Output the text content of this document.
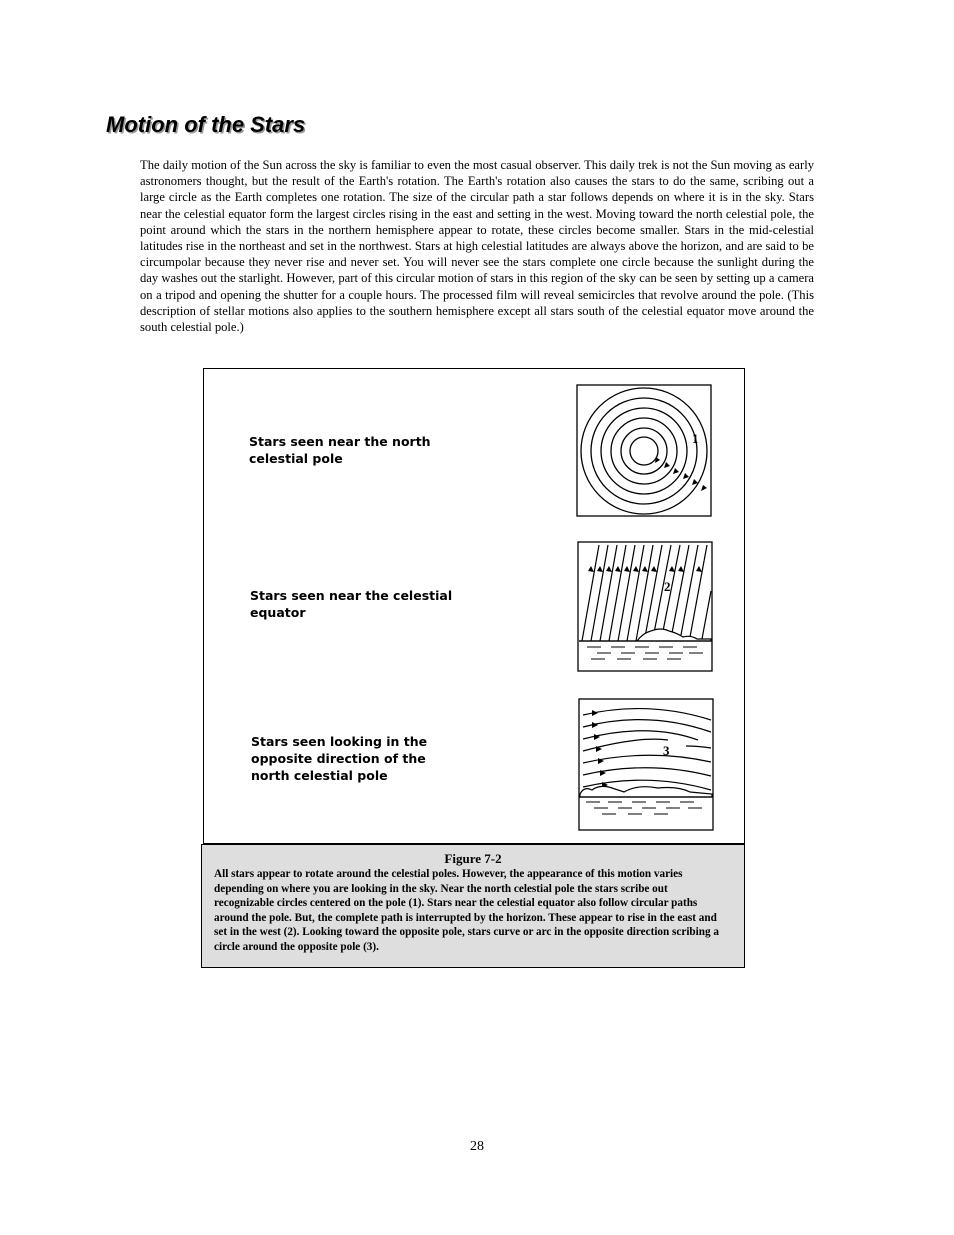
Motion of the Stars

The daily motion of the Sun across the sky is familiar to even the most casual observer. This daily trek is not the Sun moving as early astronomers thought, but the result of the Earth's rotation. The Earth's rotation also causes the stars to do the same, scribing out a large circle as the Earth completes one rotation. The size of the circular path a star follows depends on where it is in the sky. Stars near the celestial equator form the largest circles rising in the east and setting in the west. Moving toward the north celestial pole, the point around which the stars in the northern hemisphere appear to rotate, these circles become smaller. Stars in the mid-celestial latitudes rise in the northeast and set in the northwest. Stars at high celestial latitudes are always above the horizon, and are said to be circumpolar because they never rise and never set. You will never see the stars complete one circle because the sunlight during the day washes out the starlight. However, part of this circular motion of stars in this region of the sky can be seen by setting up a camera on a tripod and opening the shutter for a couple hours. The processed film will reveal semicircles that revolve around the pole. (This description of stellar motions also applies to the southern hemisphere except all stars south of the celestial equator move around the south celestial pole.)

Stars seen near the north
celestial pole
Stars seen near the celestial
equator
Stars seen looking in the
opposite direction of the
north celestial pole
1
2
3

Figure 7-2

All stars appear to rotate around the celestial poles. However, the appearance of this motion varies depending on where you are looking in the sky. Near the north celestial pole the stars scribe out recognizable circles centered on the pole (1). Stars near the celestial equator also follow circular paths around the pole. But, the complete path is interrupted by the horizon. These appear to rise in the east and set in the west (2). Looking toward the opposite pole, stars curve or arc in the opposite direction scribing a circle around the opposite pole (3).

28
